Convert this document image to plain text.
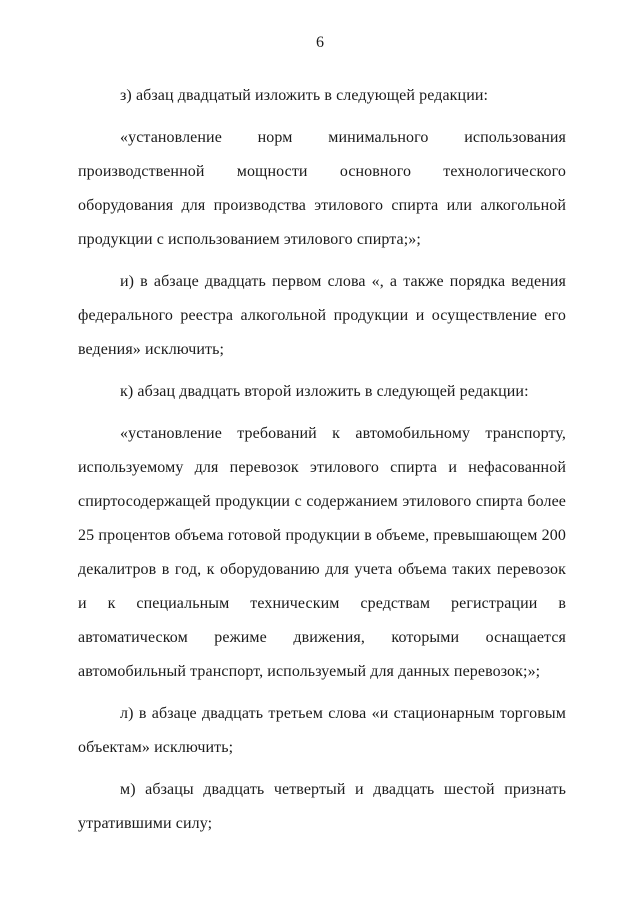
6

з) абзац двадцатый изложить в следующей редакции:

«установление норм минимального использования производственной мощности основного технологического оборудования для производства этилового спирта или алкогольной продукции с использованием этилового спирта;»;

и) в абзаце двадцать первом слова «, а также порядка ведения федерального реестра алкогольной продукции и осуществление его ведения» исключить;

к) абзац двадцать второй изложить в следующей редакции:

«установление требований к автомобильному транспорту, используемому для перевозок этилового спирта и нефасованной спиртосодержащей продукции с содержанием этилового спирта более 25 процентов объема готовой продукции в объеме, превышающем 200 декалитров в год, к оборудованию для учета объема таких перевозок и к специальным техническим средствам регистрации в автоматическом режиме движения, которыми оснащается автомобильный транспорт, используемый для данных перевозок;»;

л) в абзаце двадцать третьем слова «и стационарным торговым объектам» исключить;

м) абзацы двадцать четвертый и двадцать шестой признать утратившими силу;
